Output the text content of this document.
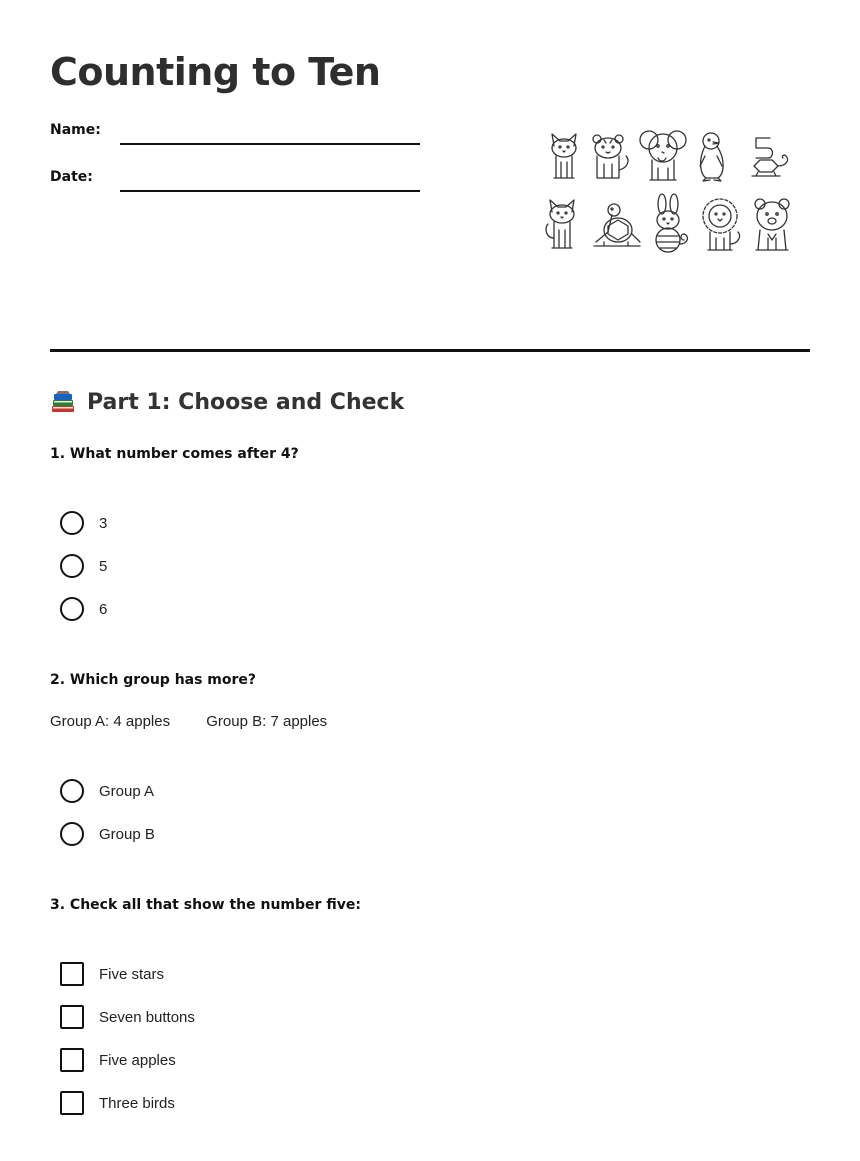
Counting to Ten
Name:
Date:
Part 1: Choose and Check
1. What number comes after 4?
3
5
6
2. Which group has more?
Group A: 4 apples Group B: 7 apples
Group A
Group B
3. Check all that show the number five:
Five stars
Seven buttons
Five apples
Three birds
